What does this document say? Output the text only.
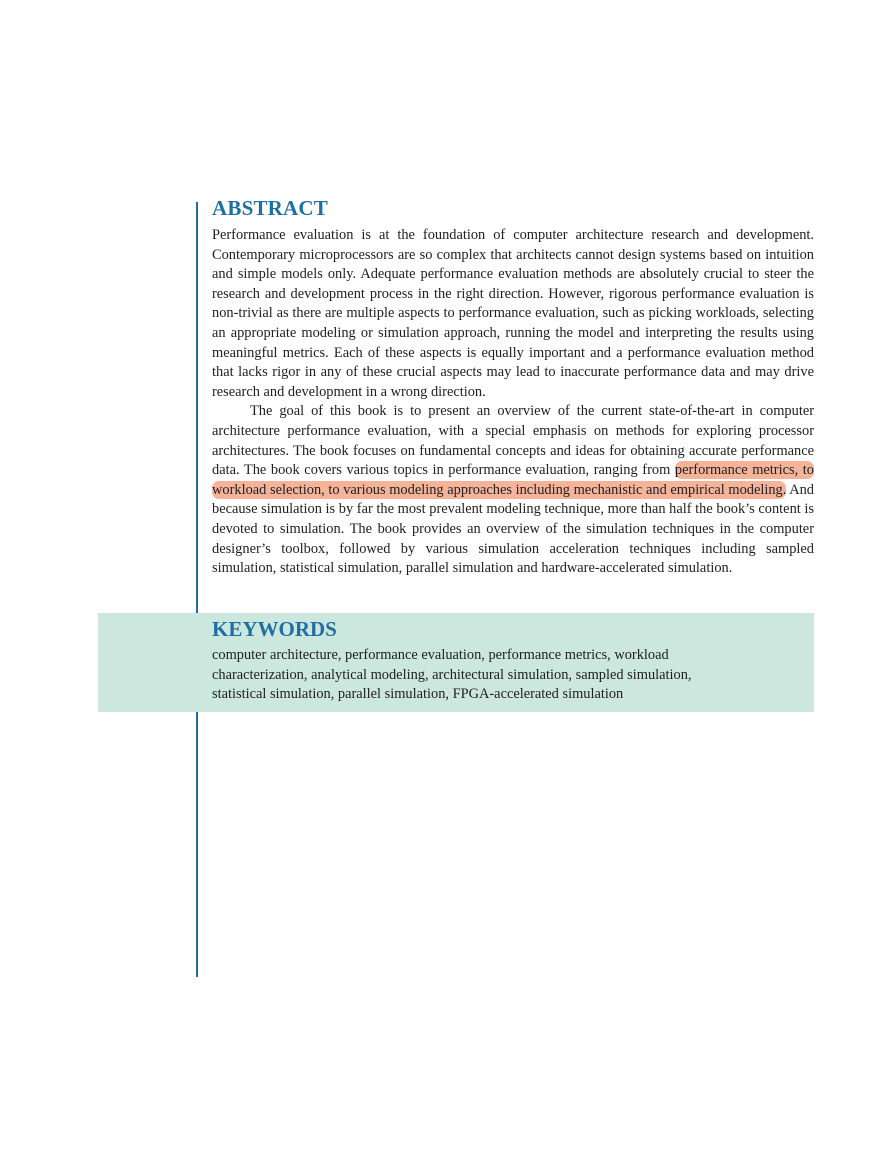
ABSTRACT

Performance evaluation is at the foundation of computer architecture research and development. Contemporary microprocessors are so complex that architects cannot design systems based on intuition and simple models only. Adequate performance evaluation methods are absolutely crucial to steer the research and development process in the right direction. However, rigorous performance evaluation is non-trivial as there are multiple aspects to performance evaluation, such as picking workloads, selecting an appropriate modeling or simulation approach, running the model and interpreting the results using meaningful metrics. Each of these aspects is equally important and a performance evaluation method that lacks rigor in any of these crucial aspects may lead to inaccurate performance data and may drive research and development in a wrong direction.

The goal of this book is to present an overview of the current state-of-the-art in computer architecture performance evaluation, with a special emphasis on methods for exploring processor architectures. The book focuses on fundamental concepts and ideas for obtaining accurate performance data. The book covers various topics in performance evaluation, ranging from performance metrics, to workload selection, to various modeling approaches including mechanistic and empirical modeling. And because simulation is by far the most prevalent modeling technique, more than half the book’s content is devoted to simulation. The book provides an overview of the simulation techniques in the computer designer’s toolbox, followed by various simulation acceleration techniques including sampled simulation, statistical simulation, parallel simulation and hardware-accelerated simulation.

KEYWORDS
computer architecture, performance evaluation, performance metrics, workload characterization, analytical modeling, architectural simulation, sampled simulation, statistical simulation, parallel simulation, FPGA-accelerated simulation
